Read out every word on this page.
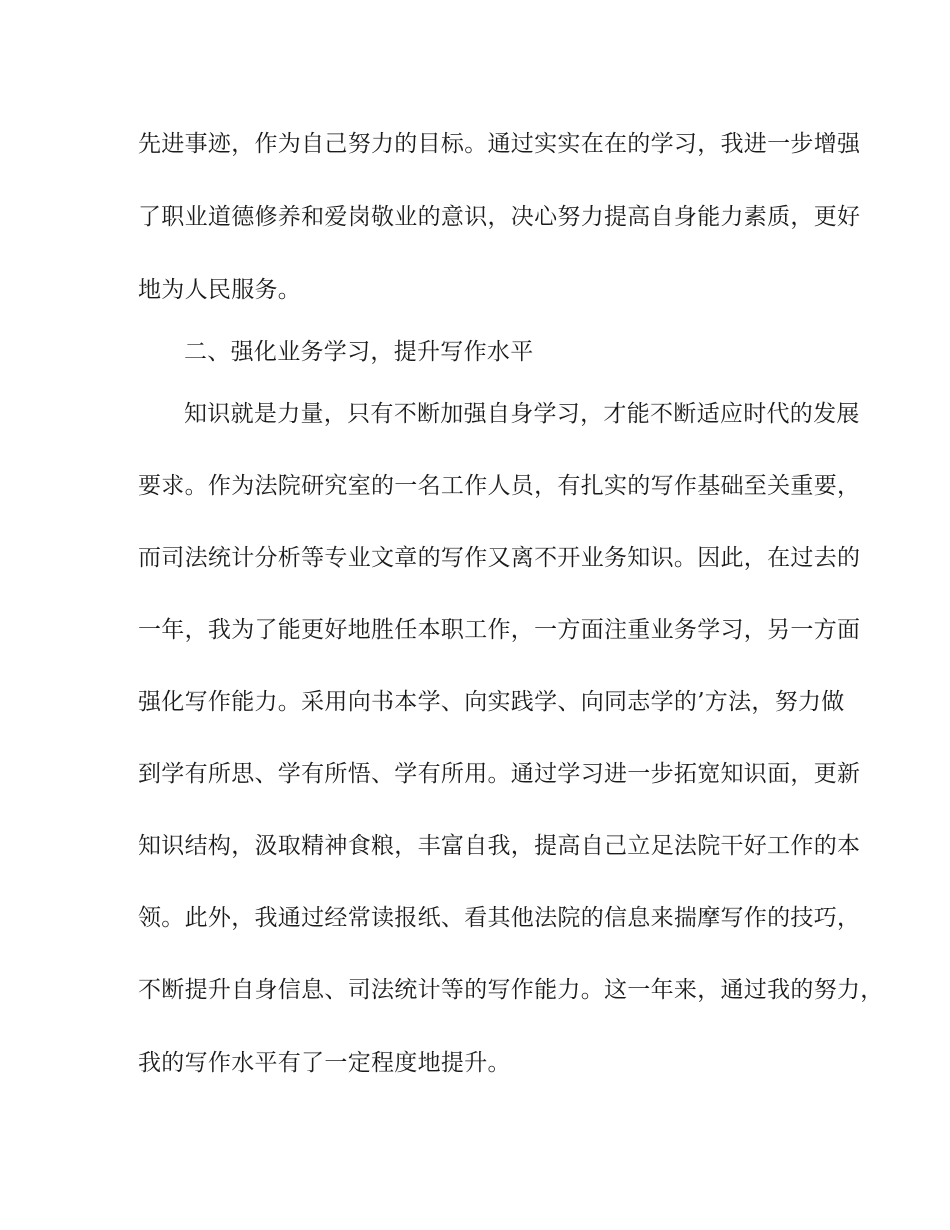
先进事迹，作为自己努力的目标。通过实实在在的学习，我进一步增强
了职业道德修养和爱岗敬业的意识，决心努力提高自身能力素质，更好
地为人民服务。
二、强化业务学习，提升写作水平
知识就是力量，只有不断加强自身学习，才能不断适应时代的发展
要求。作为法院研究室的一名工作人员，有扎实的写作基础至关重要，
而司法统计分析等专业文章的写作又离不开业务知识。因此，在过去的
一年，我为了能更好地胜任本职工作，一方面注重业务学习，另一方面
强化写作能力。采用向书本学、向实践学、向同志学的’方法，努力做
到学有所思、学有所悟、学有所用。通过学习进一步拓宽知识面，更新
知识结构，汲取精神食粮，丰富自我，提高自己立足法院干好工作的本
领。此外，我通过经常读报纸、看其他法院的信息来揣摩写作的技巧，
不断提升自身信息、司法统计等的写作能力。这一年来，通过我的努力，
我的写作水平有了一定程度地提升。
